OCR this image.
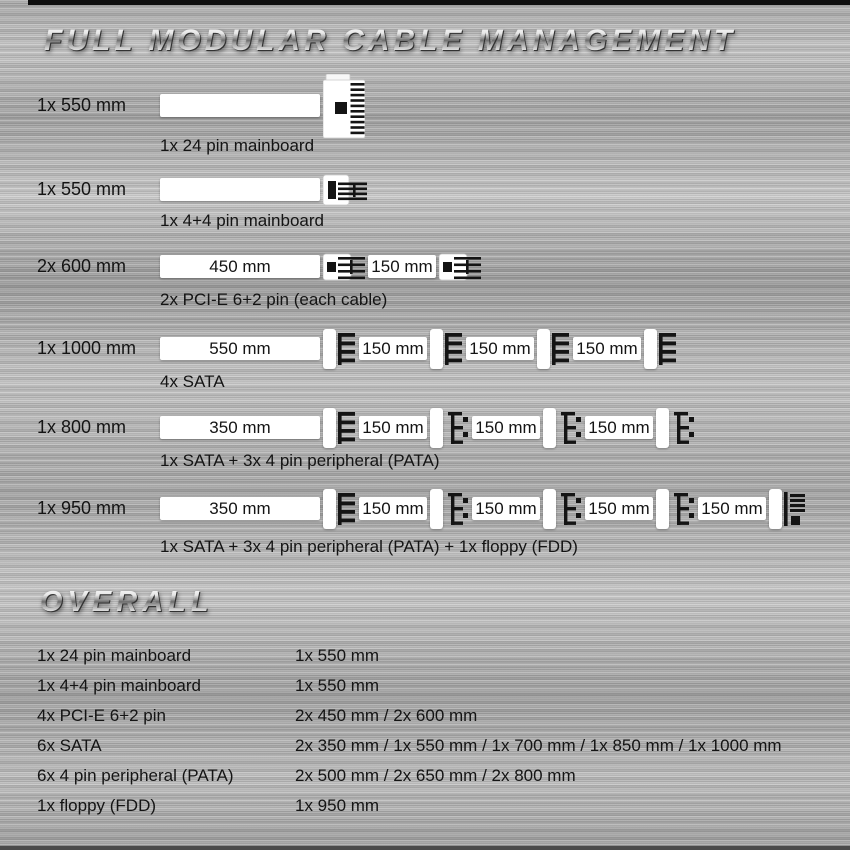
FULL MODULAR CABLE MANAGEMENT
1x 550 mm
1x 24 pin mainboard
1x 550 mm
1x 4+4 pin mainboard
2x 600 mm	450 mm	150 mm
2x PCI-E 6+2 pin (each cable)
1x 1000 mm	550 mm	150 mm	150 mm	150 mm
4x SATA
1x 800 mm	350 mm	150 mm	150 mm	150 mm
1x SATA + 3x 4 pin peripheral (PATA)
1x 950 mm	350 mm	150 mm	150 mm	150 mm	150 mm
1x SATA + 3x 4 pin peripheral (PATA) + 1x floppy (FDD)
OVERALL
1x 24 pin mainboard	1x 550 mm
1x 4+4 pin mainboard	1x 550 mm
4x PCI-E 6+2 pin	2x 450 mm / 2x 600 mm
6x SATA	2x 350 mm / 1x 550 mm / 1x 700 mm / 1x 850 mm / 1x 1000 mm
6x 4 pin peripheral (PATA)	2x 500 mm / 2x 650 mm / 2x 800 mm
1x floppy (FDD)	1x 950 mm
